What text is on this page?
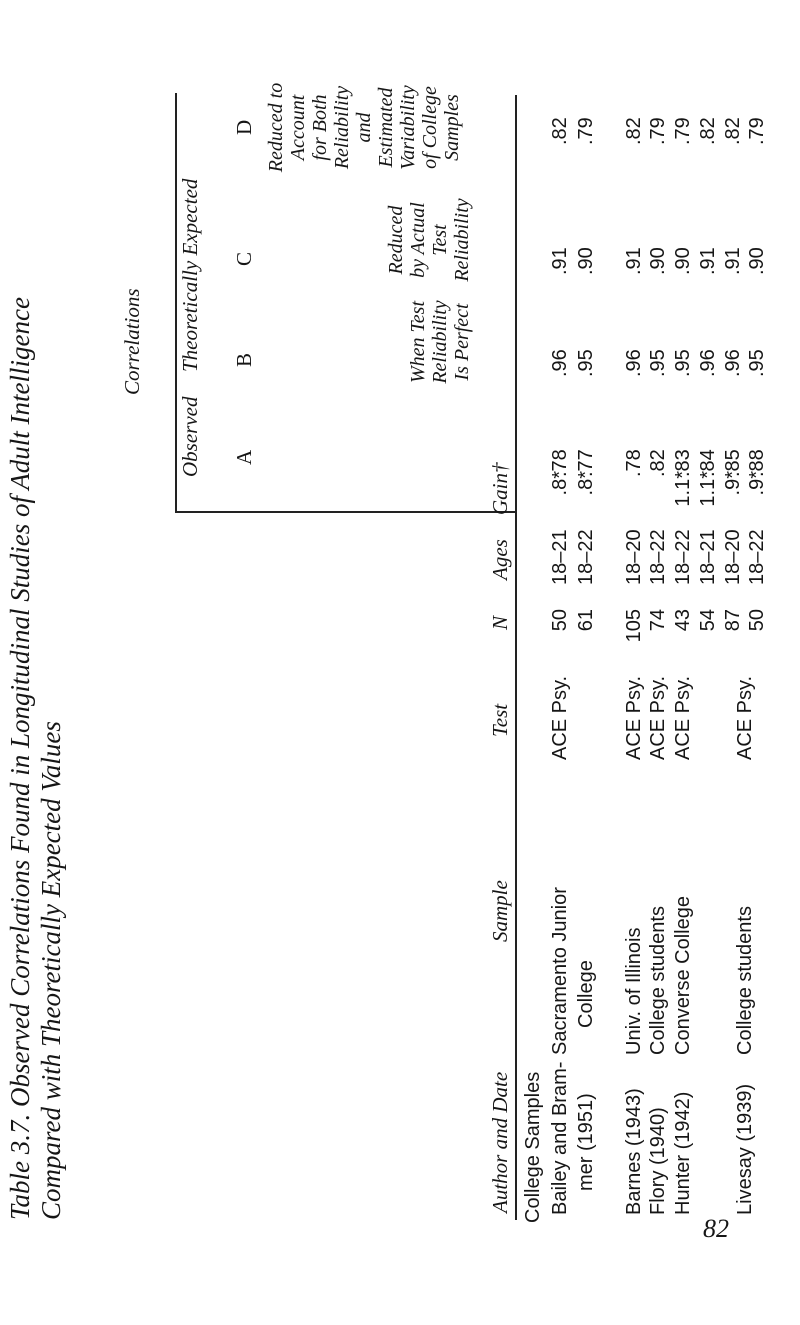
Table 3.7. Observed Correlations Found in Longitudinal Studies of Adult Intelligence Compared with Theoretically Expected Values
Correlations
Observed
Theoretically Expected
A
B
C
D
When Test Reliability Is Perfect
Reduced by Actual Test Reliability
Reduced to Account for Both Reliability and Estimated Variability of College Samples
Author and Date
Sample
Test
N
Ages
Gain†
College Samples Bailey and Bram- mer (1951) Barnes (1943) Flory (1940) Hunter (1942) Livesay (1939)
Sacramento Junior College Univ. of Illinois College students Converse College College students
ACE Psy.	ACE Psy. ACE Psy. ACE Psy. ACE Psy.
50
18–21
.8*
.78
.96
.91
.82
61
18–22
.8*
.77
.95
.90
.79
105
18–20
.78
.96
.91
.82
74
18–22
.82
.95
.90
.79
43
18–22
1.1*
.83
.95
.90
.79
54
18–21
1.1*
.84
.96
.91
.82
87
18–20
.9*
.85
.96
.91
.82
50
18–22
.9*
.88
.95
.90
.79
82
